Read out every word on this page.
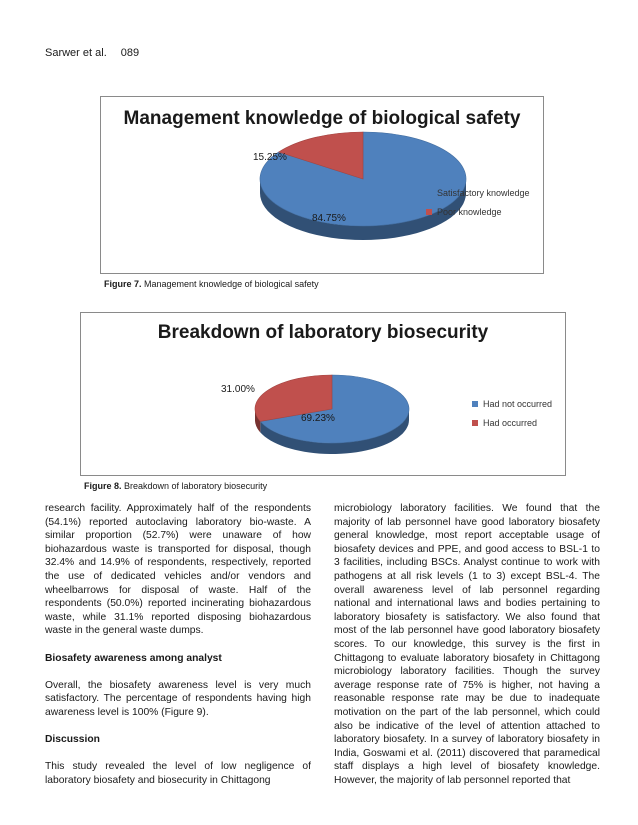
Sarwer et al. 089
Management knowledge of biological safety
84.75%
15.25%
Satisfactory knowledge
Poor knowledge
Figure 7. Management knowledge of biological safety
Breakdown of laboratory biosecurity
69.23%
31.00%
Had not occurred
Had occurred
Figure 8. Breakdown of laboratory biosecurity

research facility. Approximately half of the respondents (54.1%) reported autoclaving laboratory bio-waste. A similar proportion (52.7%) were unaware of how biohazardous waste is transported for disposal, though 32.4% and 14.9% of respondents, respectively, reported the use of dedicated vehicles and/or vendors and wheelbarrows for disposal of waste. Half of the respondents (50.0%) reported incinerating biohazardous waste, while 31.1% reported disposing biohazardous waste in the general waste dumps.

Biosafety awareness among analyst

Overall, the biosafety awareness level is very much satisfactory. The percentage of respondents having high awareness level is 100% (Figure 9).

Discussion

This study revealed the level of low negligence of laboratory biosafety and biosecurity in Chittagong

microbiology laboratory facilities. We found that the majority of lab personnel have good laboratory biosafety general knowledge, most report acceptable usage of biosafety devices and PPE, and good access to BSL-1 to 3 facilities, including BSCs. Analyst continue to work with pathogens at all risk levels (1 to 3) except BSL-4. The overall awareness level of lab personnel regarding national and international laws and bodies pertaining to laboratory biosafety is satisfactory. We also found that most of the lab personnel have good laboratory biosafety scores. To our knowledge, this survey is the first in Chittagong to evaluate laboratory biosafety in Chittagong microbiology laboratory facilities. Though the survey average response rate of 75% is higher, not having a reasonable response rate may be due to inadequate motivation on the part of the lab personnel, which could also be indicative of the level of attention attached to laboratory biosafety. In a survey of laboratory biosafety in India, Goswami et al. (2011) discovered that paramedical staff displays a high level of biosafety knowledge. However, the majority of lab personnel reported that
